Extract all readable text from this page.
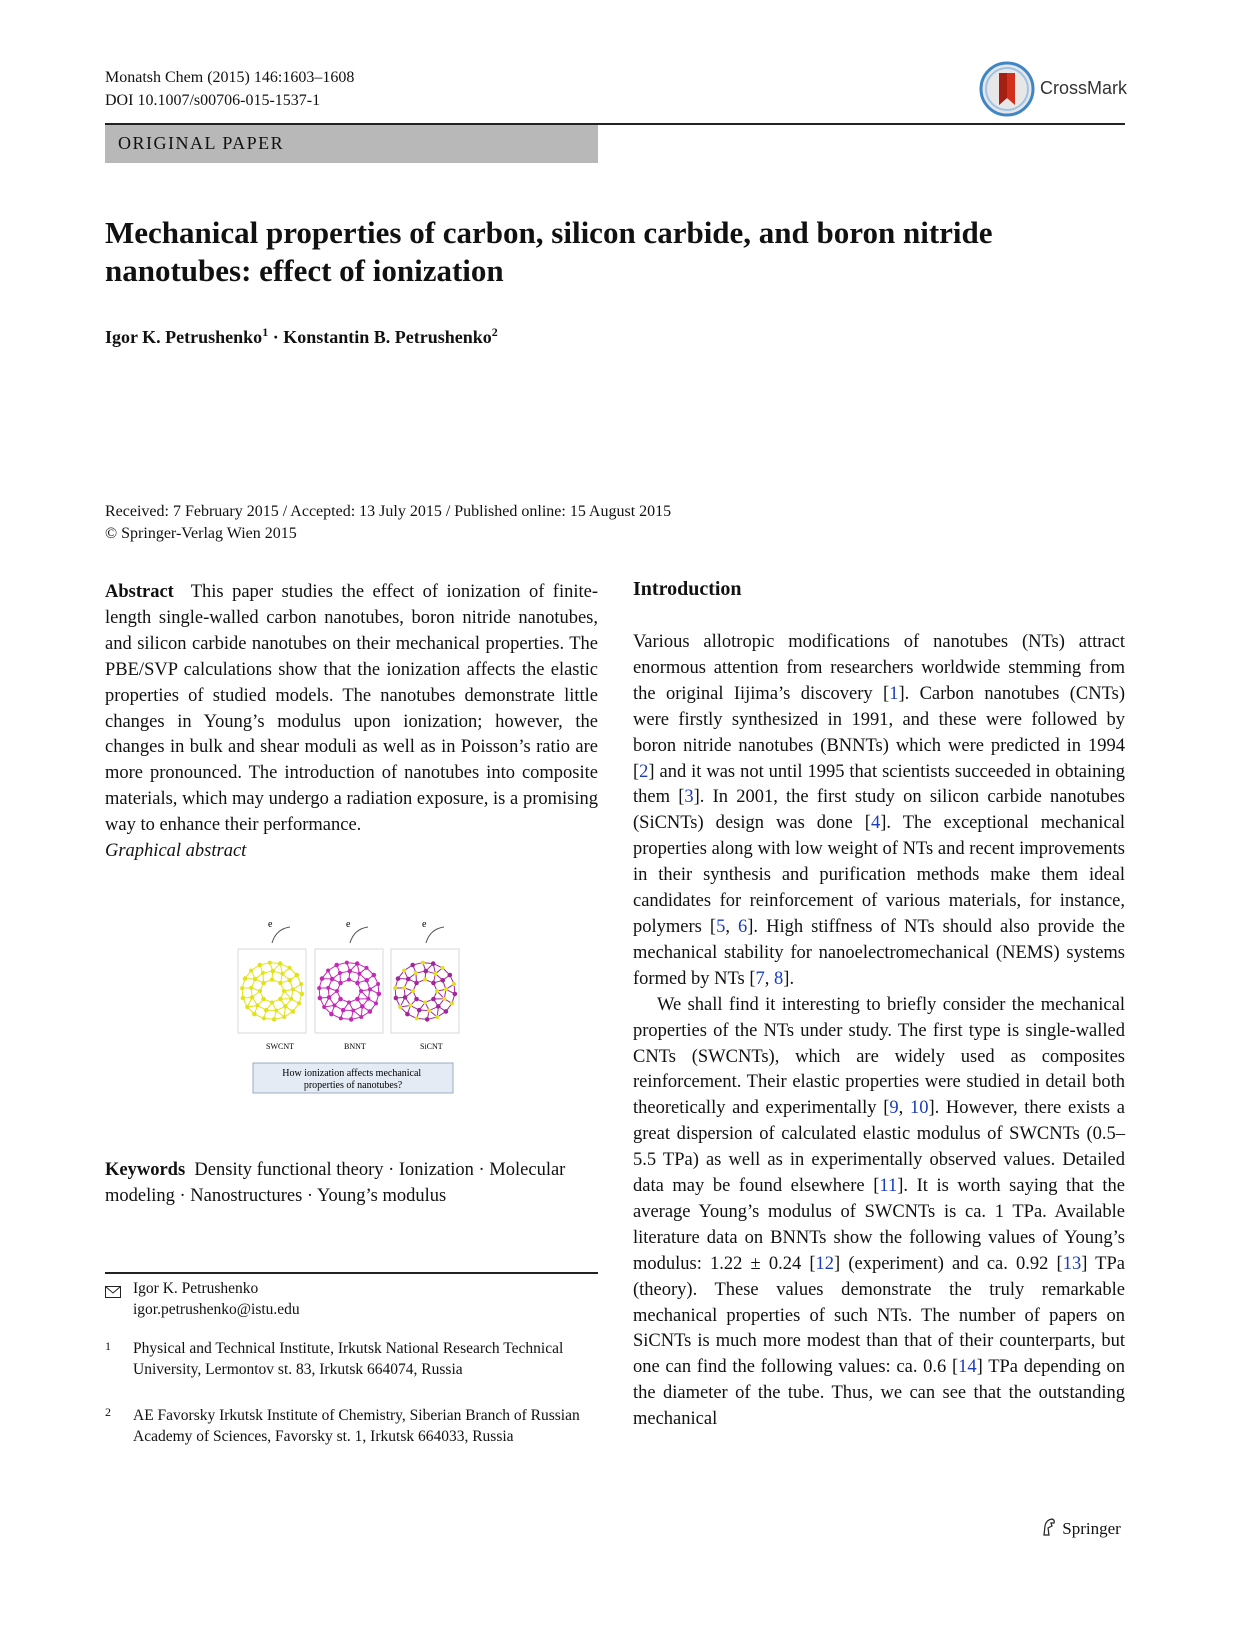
Monatsh Chem (2015) 146:1603–1608
DOI 10.1007/s00706-015-1537-1
CrossMark
ORIGINAL PAPER
Mechanical properties of carbon, silicon carbide, and boron nitride nanotubes: effect of ionization
Igor K. Petrushenko$^1$ · Konstantin B. Petrushenko$^2$
Received: 7 February 2015 / Accepted: 13 July 2015 / Published online: 15 August 2015
© Springer-Verlag Wien 2015
Abstract This paper studies the effect of ionization of finite-length single-walled carbon nanotubes, boron nitride nanotubes, and silicon carbide nanotubes on their mechanical properties. The PBE/SVP calculations show that the ionization affects the elastic properties of studied models. The nanotubes demonstrate little changes in Young’s modulus upon ionization; however, the changes in bulk and shear moduli as well as in Poisson’s ratio are more pronounced. The introduction of nanotubes into composite materials, which may undergo a radiation exposure, is a promising way to enhance their performance.
Graphical abstract
e	e	e
SWCNT	BNNT	SiCNT
How ionization affects mechanical properties of nanotubes?
Keywords Density functional theory · Ionization · Molecular modeling · Nanostructures · Young’s modulus
Igor K. Petrushenko
igor.petrushenko@istu.edu
1 Physical and Technical Institute, Irkutsk National Research Technical University, Lermontov st. 83, Irkutsk 664074, Russia
2 AE Favorsky Irkutsk Institute of Chemistry, Siberian Branch of Russian Academy of Sciences, Favorsky st. 1, Irkutsk 664033, Russia
Introduction

Various allotropic modifications of nanotubes (NTs) attract enormous attention from researchers worldwide stemming from the original Iijima’s discovery [1]. Carbon nanotubes (CNTs) were firstly synthesized in 1991, and these were followed by boron nitride nanotubes (BNNTs) which were predicted in 1994 [2] and it was not until 1995 that scientists succeeded in obtaining them [3]. In 2001, the first study on silicon carbide nanotubes (SiCNTs) design was done [4]. The exceptional mechanical properties along with low weight of NTs and recent improvements in their synthesis and purification methods make them ideal candidates for reinforcement of various materials, for instance, polymers [5, 6]. High stiffness of NTs should also provide the mechanical stability for nanoelectromechanical (NEMS) systems formed by NTs [7, 8].

We shall find it interesting to briefly consider the mechanical properties of the NTs under study. The first type is single-walled CNTs (SWCNTs), which are widely used as composites reinforcement. Their elastic properties were studied in detail both theoretically and experimentally [9, 10]. However, there exists a great dispersion of calculated elastic modulus of SWCNTs (0.5–5.5 TPa) as well as in experimentally observed values. Detailed data may be found elsewhere [11]. It is worth saying that the average Young’s modulus of SWCNTs is ca. 1 TPa. Available literature data on BNNTs show the following values of Young’s modulus: 1.22 ± 0.24 [12] (experiment) and ca. 0.92 [13] TPa (theory). These values demonstrate the truly remarkable mechanical properties of such NTs. The number of papers on SiCNTs is much more modest than that of their counterparts, but one can find the following values: ca. 0.6 [14] TPa depending on the diameter of the tube. Thus, we can see that the outstanding mechanical

Springer
